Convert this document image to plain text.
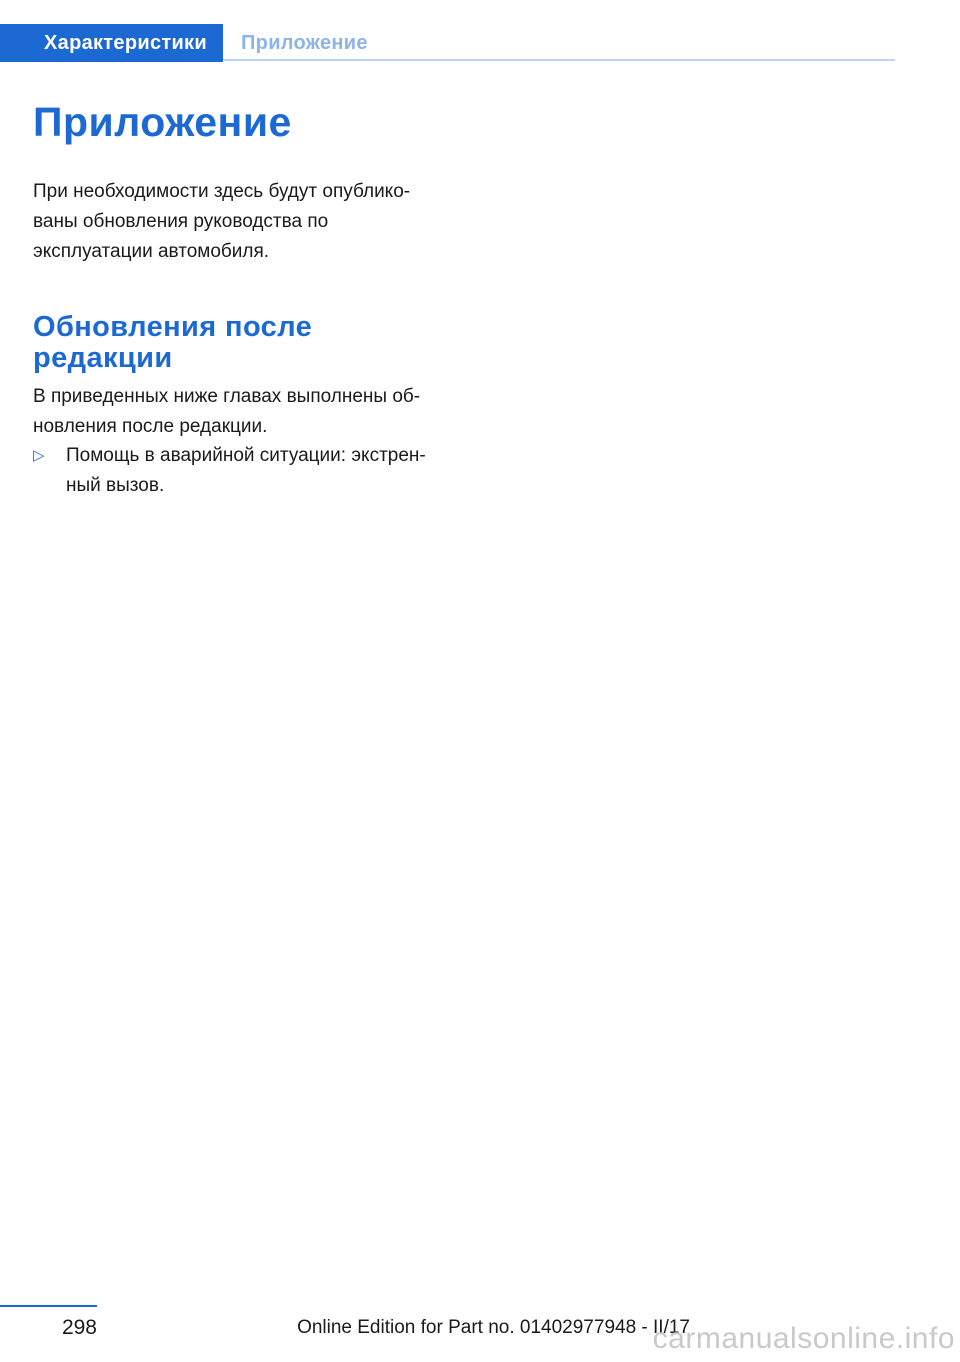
Характеристики	Приложение
Приложение

При необходимости здесь будут опублико-
ваны обновления руководства по
эксплуатации автомобиля.

Обновления после
редакции

В приведенных ниже главах выполнены об-
новления после редакции.

▷ Помощь в аварийной ситуации: экстрен-
ный вызов.
298	Online Edition for Part no. 01402977948 - II/17
carmanualsonline.info
